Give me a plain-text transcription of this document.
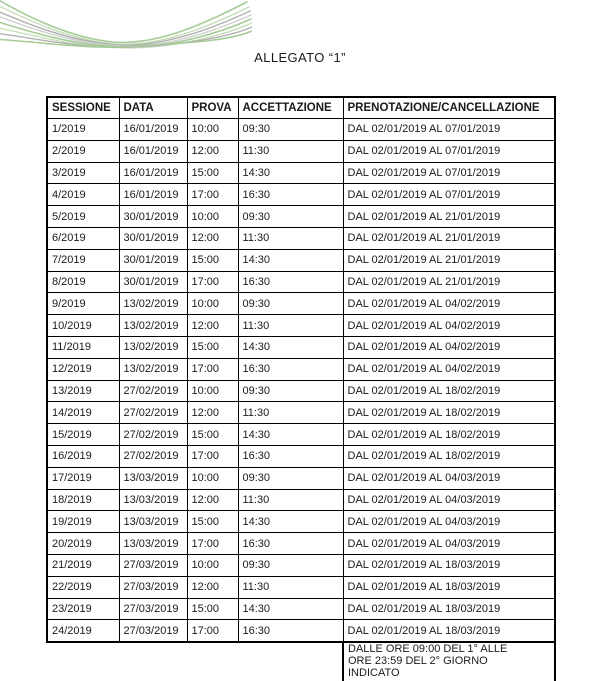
ALLEGATO “1”
SESSIONE	DATA	PROVA	ACCETTAZIONE	PRENOTAZIONE/CANCELLAZIONE
1/2019	16/01/2019	10:00	09:30	DAL 02/01/2019 AL 07/01/2019
2/2019	16/01/2019	12:00	11:30	DAL 02/01/2019 AL 07/01/2019
3/2019	16/01/2019	15:00	14:30	DAL 02/01/2019 AL 07/01/2019
4/2019	16/01/2019	17:00	16:30	DAL 02/01/2019 AL 07/01/2019
5/2019	30/01/2019	10:00	09:30	DAL 02/01/2019 AL 21/01/2019
6/2019	30/01/2019	12:00	11:30	DAL 02/01/2019 AL 21/01/2019
7/2019	30/01/2019	15:00	14:30	DAL 02/01/2019 AL 21/01/2019
8/2019	30/01/2019	17:00	16:30	DAL 02/01/2019 AL 21/01/2019
9/2019	13/02/2019	10:00	09:30	DAL 02/01/2019 AL 04/02/2019
10/2019	13/02/2019	12:00	11:30	DAL 02/01/2019 AL 04/02/2019
11/2019	13/02/2019	15:00	14:30	DAL 02/01/2019 AL 04/02/2019
12/2019	13/02/2019	17:00	16:30	DAL 02/01/2019 AL 04/02/2019
13/2019	27/02/2019	10:00	09:30	DAL 02/01/2019 AL 18/02/2019
14/2019	27/02/2019	12:00	11:30	DAL 02/01/2019 AL 18/02/2019
15/2019	27/02/2019	15:00	14:30	DAL 02/01/2019 AL 18/02/2019
16/2019	27/02/2019	17:00	16:30	DAL 02/01/2019 AL 18/02/2019
17/2019	13/03/2019	10:00	09:30	DAL 02/01/2019 AL 04/03/2019
18/2019	13/03/2019	12:00	11:30	DAL 02/01/2019 AL 04/03/2019
19/2019	13/03/2019	15:00	14:30	DAL 02/01/2019 AL 04/03/2019
20/2019	13/03/2019	17:00	16:30	DAL 02/01/2019 AL 04/03/2019
21/2019	27/03/2019	10:00	09:30	DAL 02/01/2019 AL 18/03/2019
22/2019	27/03/2019	12:00	11:30	DAL 02/01/2019 AL 18/03/2019
23/2019	27/03/2019	15:00	14:30	DAL 02/01/2019 AL 18/03/2019
24/2019	27/03/2019	17:00	16:30	DAL 02/01/2019 AL 18/03/2019

				DALLE ORE 09:00 DEL 1° ALLE
ORE 23:59 DEL 2° GIORNO
INDICATO
